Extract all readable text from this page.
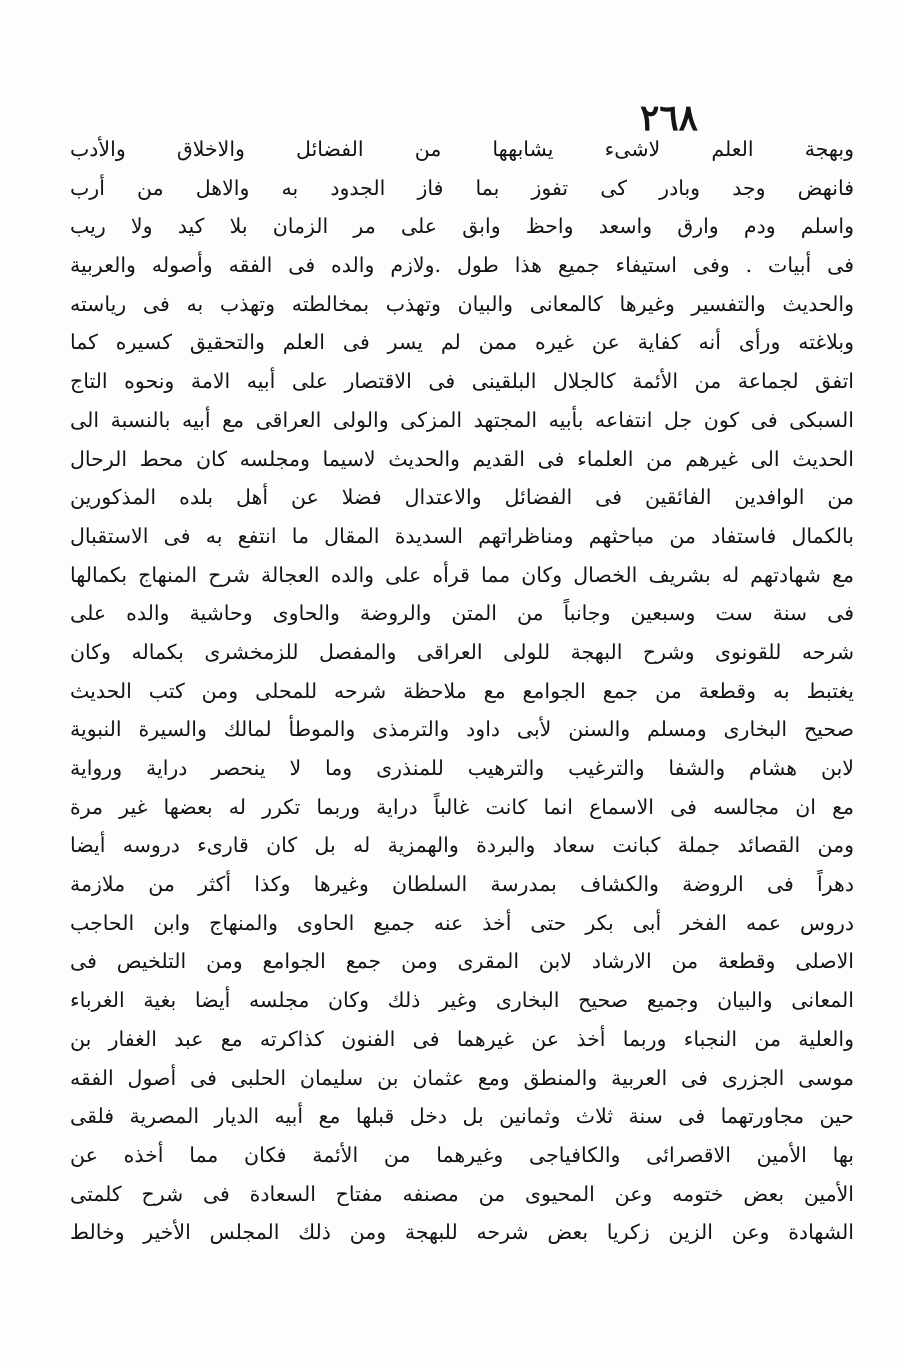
٢٦٨
وبهجة العلم لاشىء يشابهها من الفضائل والاخلاق والأدب
فانهض وجد وبادر كى تفوز بما فاز الجدود به والاهل من أرب
واسلم ودم وارق واسعد واحظ وابق على مر الزمان بلا كيد ولا ريب
فى أبيات . وفى استيفاء جميع هذا طول .ولازم والده فى الفقه وأصوله والعربية
والحديث والتفسير وغيرها كالمعانى والبيان وتهذب بمخالطته وتهذب به فى رياسته
وبلاغته ورأى أنه كفاية عن غيره ممن لم يسر فى العلم والتحقيق كسيره كما
اتفق لجماعة من الأئمة كالجلال البلقينى فى الاقتصار على أبيه الامة ونحوه التاج
السبكى فى كون جل انتفاعه بأبيه المجتهد المزكى والولى العراقى مع أبيه بالنسبة الى
الحديث الى غيرهم من العلماء فى القديم والحديث لاسيما ومجلسه كان محط الرحال
من الوافدين الفائقين فى الفضائل والاعتدال فضلا عن أهل بلده المذكورين
بالكمال فاستفاد من مباحثهم ومناظراتهم السديدة المقال ما انتفع به فى الاستقبال
مع شهادتهم له بشريف الخصال وكان مما قرأه على والده العجالة شرح المنهاج بكمالها
فى سنة ست وسبعين وجانباً من المتن والروضة والحاوى وحاشية والده على
شرحه للقونوى وشرح البهجة للولى العراقى والمفصل للزمخشرى بكماله وكان
يغتبط به وقطعة من جمع الجوامع مع ملاحظة شرحه للمحلى ومن كتب الحديث
صحيح البخارى ومسلم والسنن لأبى داود والترمذى والموطأ لمالك والسيرة النبوية
لابن هشام والشفا والترغيب والترهيب للمنذرى وما لا ينحصر دراية ورواية
مع ان مجالسه فى الاسماع انما كانت غالباً دراية وربما تكرر له بعضها غير مرة
ومن القصائد جملة كبانت سعاد والبردة والهمزية له بل كان قارىء دروسه أيضا
دهراً فى الروضة والكشاف بمدرسة السلطان وغيرها وكذا أكثر من ملازمة
دروس عمه الفخر أبى بكر حتى أخذ عنه جميع الحاوى والمنهاج وابن الحاجب
الاصلى وقطعة من الارشاد لابن المقرى ومن جمع الجوامع ومن التلخيص فى
المعانى والبيان وجميع صحيح البخارى وغير ذلك وكان مجلسه أيضا بغية الغرباء
والعلية من النجباء وربما أخذ عن غيرهما فى الفنون كذاكرته مع عبد الغفار بن
موسى الجزرى فى العربية والمنطق ومع عثمان بن سليمان الحلبى فى أصول الفقه
حين مجاورتهما فى سنة ثلاث وثمانين بل دخل قبلها مع أبيه الديار المصرية فلقى
بها الأمين الاقصرائى والكافياجى وغيرهما من الأئمة فكان مما أخذه عن
الأمين بعض ختومه وعن المحيوى من مصنفه مفتاح السعادة فى شرح كلمتى
الشهادة وعن الزين زكريا بعض شرحه للبهجة ومن ذلك المجلس الأخير وخالط
